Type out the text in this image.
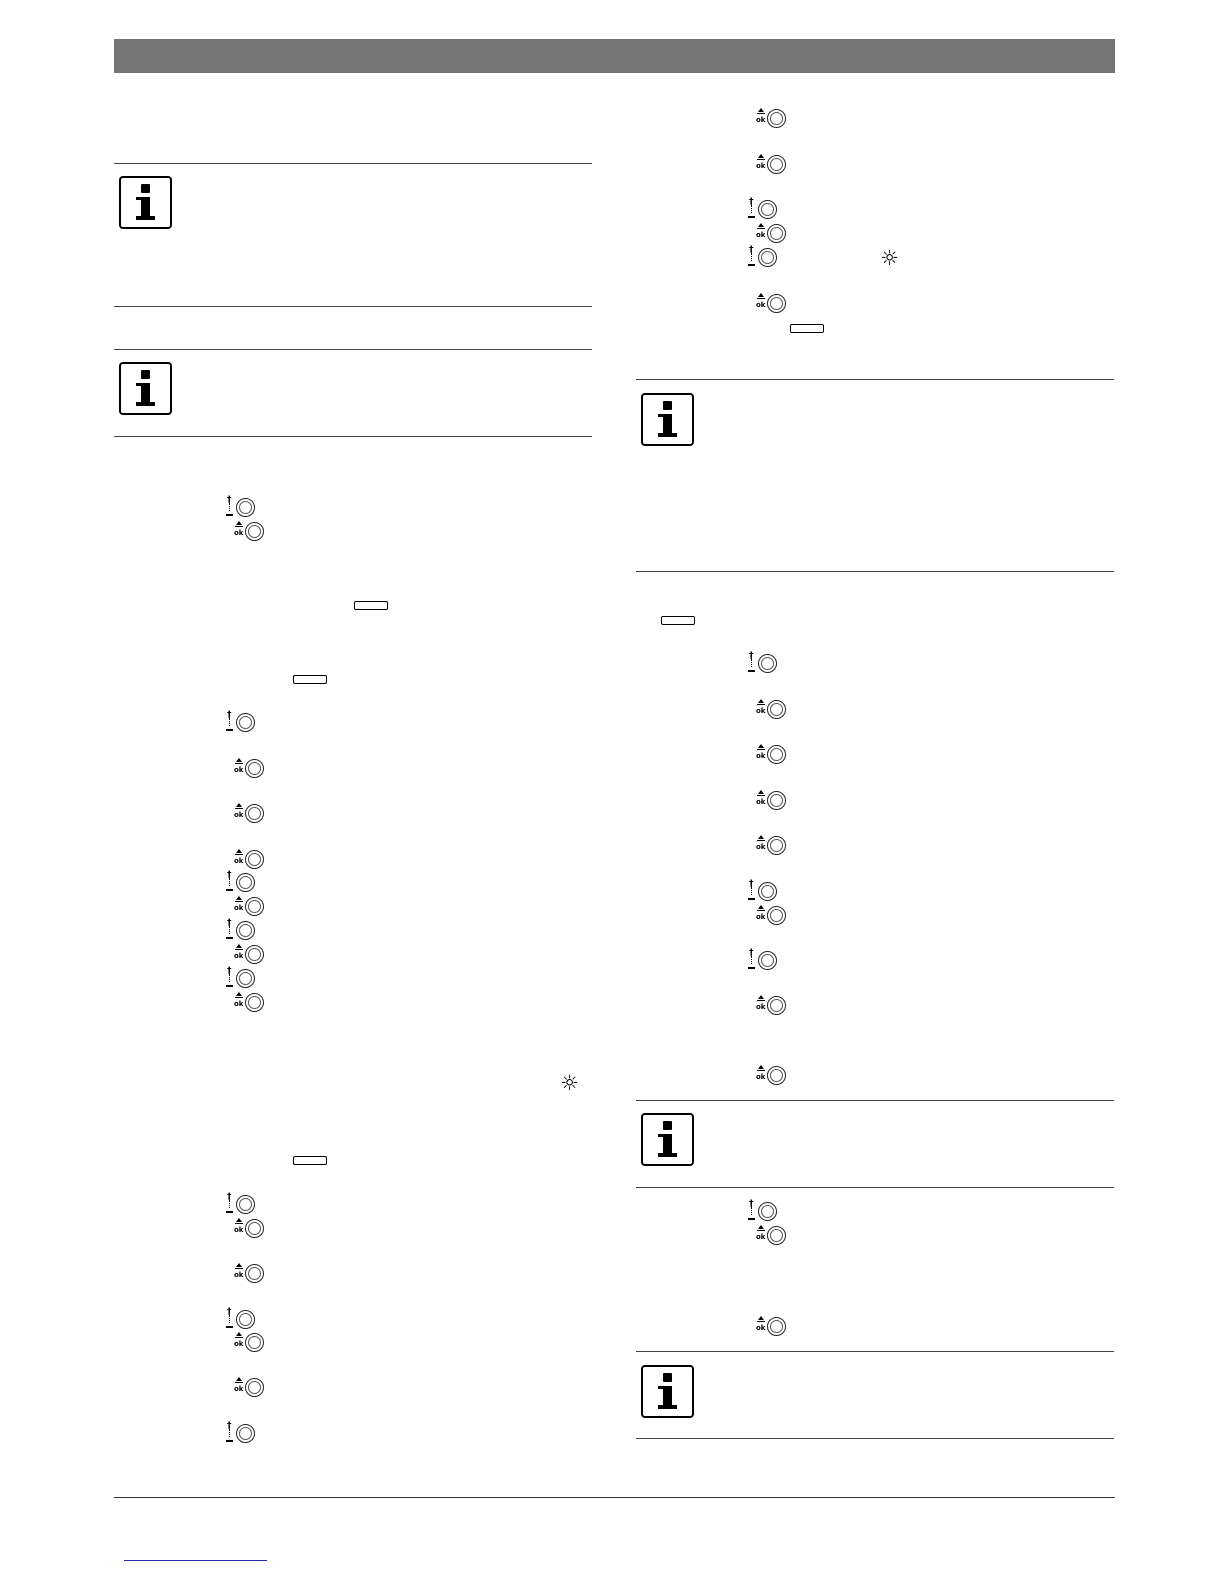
†
ok
†
ok
ok
ok
†
ok
†
ok
†
ok
☼
†
ok
ok
†
ok
ok
†
ok
ok
†
ok
†	☼
ok
†
ok
ok
ok
ok
†
ok
†
ok
ok
†
ok
ok
